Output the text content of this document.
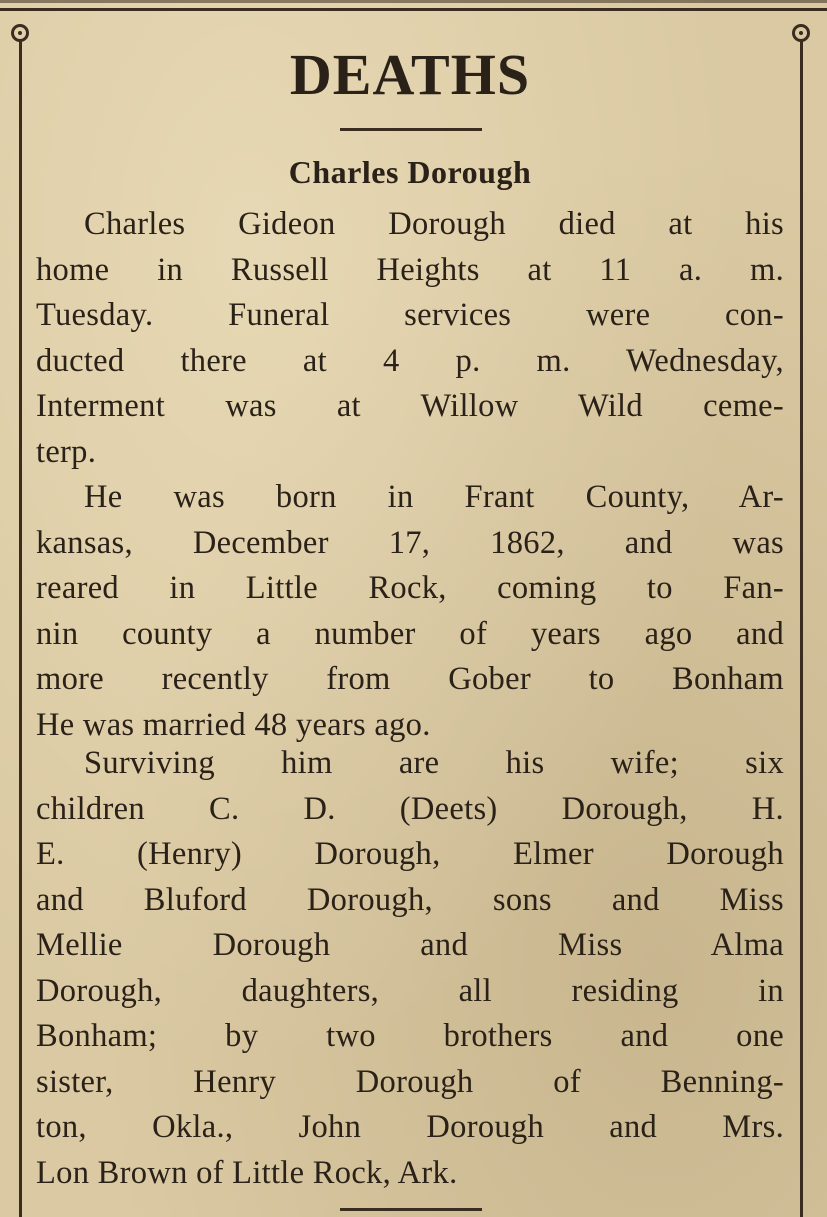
DEATHS
Charles Dorough
Charles Gideon Dorough died at his
home in Russell Heights at 11 a. m.
Tuesday. Funeral services were con-
ducted there at 4 p. m. Wednesday,
Interment was at Willow Wild ceme-
terp.
He was born in Frant County, Ar-
kansas, December 17, 1862, and was
reared in Little Rock, coming to Fan-
nin county a number of years ago and
more recently from Gober to Bonham
He was married 48 years ago.
Surviving him are his wife; six
children C. D. (Deets) Dorough, H.
E. (Henry) Dorough, Elmer Dorough
and Bluford Dorough, sons and Miss
Mellie Dorough and Miss Alma
Dorough, daughters, all residing in
Bonham; by two brothers and one
sister, Henry Dorough of Benning-
ton, Okla., John Dorough and Mrs.
Lon Brown of Little Rock, Ark.
